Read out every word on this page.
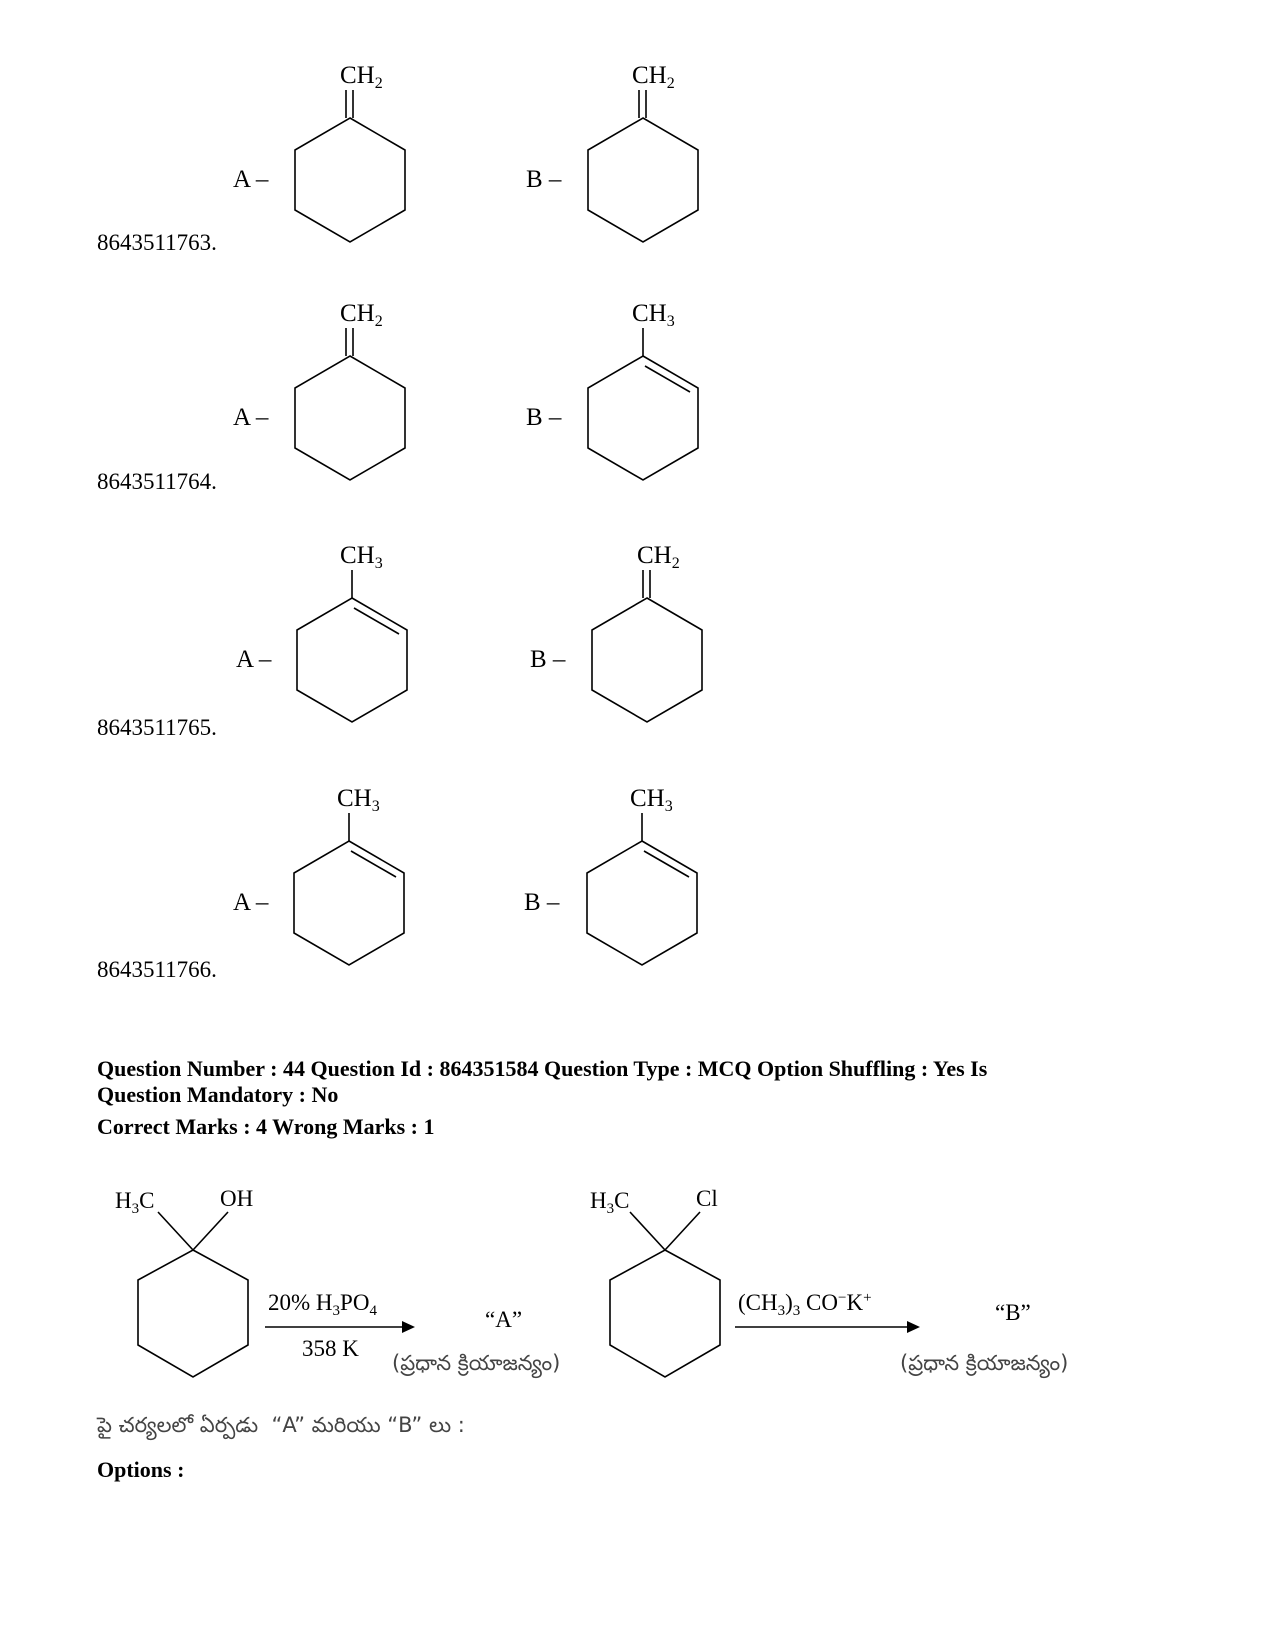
8643511763.
$CH_2$
A –
$CH_2$
B –
8643511764.
$CH_2$
A –
$CH_3$
B –
8643511765.
$CH_3$
A –
$CH_2$
B –
8643511766.
$CH_3$
A –
$CH_3$
B –
Question Number : 44 Question Id : 864351584 Question Type : MCQ Option Shuffling : Yes Is
Question Mandatory : No
Correct Marks : 4 Wrong Marks : 1
$H_3C$	OH
20% $H_3PO_4$
358 K
“A”
(ప్రధాన క్రియాజన్యం)
$H_3C$	Cl
$(CH_3)_3$ CO−K+
“B”
(ప్రధాన క్రియాజన్యం)
పై చర్యలలో ఏర్పడు  “A” మరియు “B” లు :
Options :
